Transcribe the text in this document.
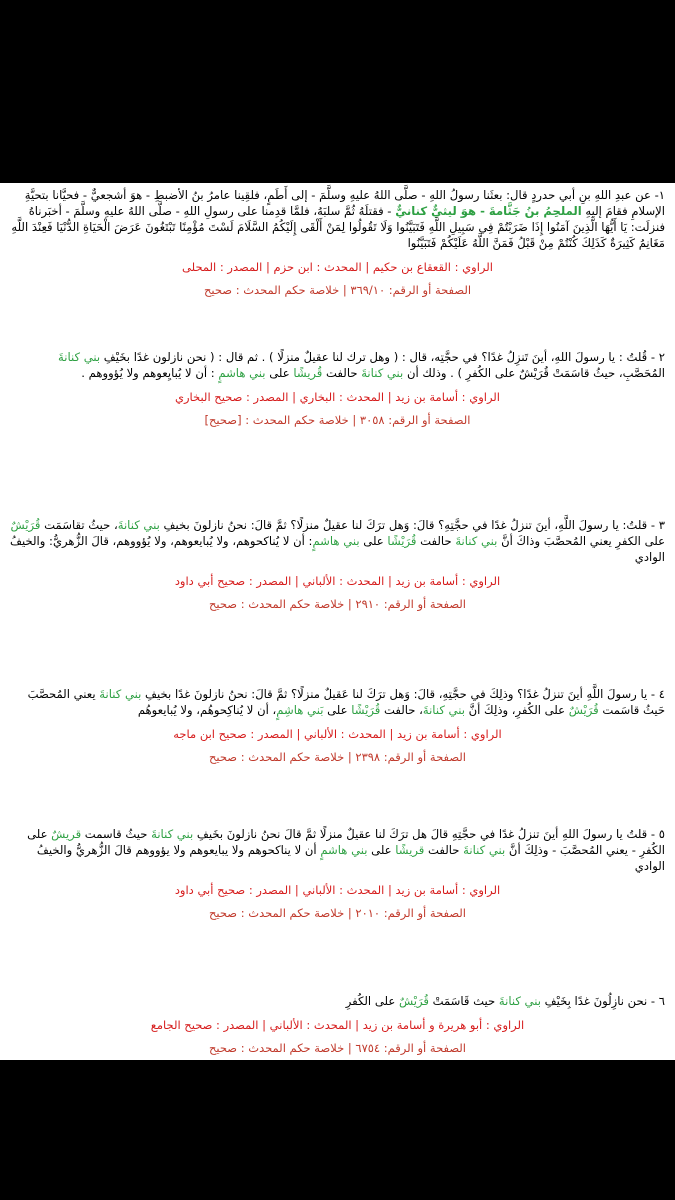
١- عن عبدِ اللهِ بنِ أبي حدردٍ قال: بعثَنا رسولُ اللهِ - صلَّى اللهُ عليهِ وسلَّمَ - إلى أَطَمٍ، فلقِينا عامرُ بنُ الأضبطِ - هوَ أشجعيٌّ - فحيَّانا بتحيَّةِ الإسلامِ فقامَ إليهِ الملحِمُ بنُ جَثَّامةَ - هوَ ليثيٌّ كنانيٌّ - فقتلَهُ ثُمَّ سلبَهُ، فلمَّا قدِمنا على رسولِ اللهِ - صلَّى اللهُ عليهِ وسلَّمَ - أخبَرناهُ فنزلَت: يَا أَيُّهَا الَّذِينَ آمَنُوا إِذَا ضَرَبْتُمْ فِي سَبِيلِ اللَّهِ فَتَبَيَّنُوا وَلَا تَقُولُوا لِمَنْ أَلْقَى إِلَيْكُمُ السَّلَامَ لَسْتَ مُؤْمِنًا تَبْتَغُونَ عَرَضَ الْحَيَاةِ الدُّنْيَا فَعِنْدَ اللَّهِ مَغَانِمُ كَثِيرَةٌ كَذَلِكَ كُنْتُمْ مِنْ قَبْلُ فَمَنَّ اللَّهُ عَلَيْكُمْ فَتَبَيَّنُوا
الراوي : القعقاع بن حكيم | المحدث : ابن حزم | المصدر : المحلى
الصفحة أو الرقم: ٣٦٩/١٠ | خلاصة حكم المحدث : صحيح
٢ - قُلتُ : يا رسولَ اللهِ، أينَ تَنزِلُ غدًا؟ في حجَّتِه، قال : ( وهل ترك لنا عقيلٌ منزلًا ) . ثم قال : ( نحن نازلون غدًا بخَيْفِ بني كنانةَ المُحَصَّبِ، حيثُ قاسَمَتْ قُرَيْشٌ على الكُفرِ ) . وذلك أن بني كنانةَ حالفت قُريشًا على بني هاشمٍ : أن لا يُبايِعوهم ولا يُؤووهم .
الراوي : أسامة بن زيد | المحدث : البخاري | المصدر : صحيح البخاري
الصفحة أو الرقم: ٣٠٥٨ | خلاصة حكم المحدث : [صحيح]
٣ - قلتُ: يا رسولَ اللَّهِ، أينَ تنزلُ غدًا في حجَّتِهِ؟ قالَ: وَهل ترَكَ لنا عقيلٌ منزلًا؟ ثمَّ قالَ: نحنُ نازلونَ بخيفِ بني كنانةَ، حيثُ تقاسَمَت قُرَيْشٌ على الكفرِ يعني المُحصَّبَ وذاكَ أنَّ بني كنانةَ حالفت قُرَيْشًا على بني هاشمٍ: أن لا يُناكحوهم، ولا يُبايعوهم، ولا يُؤووهم، قالَ الزُّهريُّ: والخيفُ الوادي
الراوي : أسامة بن زيد | المحدث : الألباني | المصدر : صحيح أبي داود
الصفحة أو الرقم: ٢٩١٠ | خلاصة حكم المحدث : صحيح
٤ - يا رسولَ اللَّهِ أينَ تنزلُ غدًا؟ وذلِكَ في حجَّتِهِ، قالَ: وَهل ترَكَ لنا عَقيلٌ منزلًا؟ ثمَّ قالَ: نحنُ نازلونَ غدًا بخيفِ بني كنانةَ يعني المُحصَّبَ حَيثُ قاسَمت قُرَيْشٌ على الكُفرِ، وذلِكَ أنَّ بني كنانةَ، حالفت قُرَيْشًا على بَني هاشِمٍ، أن لا يُناكِحوهُم، ولا يُبايعوهُم
الراوي : أسامة بن زيد | المحدث : الألباني | المصدر : صحيح ابن ماجه
الصفحة أو الرقم: ٢٣٩٨ | خلاصة حكم المحدث : صحيح
٥ - قلتُ يا رسولَ اللهِ أينَ تنزلُ غدًا في حجَّتِهِ قالَ هل ترَكَ لنا عقيلٌ منزلًا ثمَّ قالَ نحنُ نازلونَ بخَيفِ بني كنانةَ حيثُ قاسمت قريشٌ على الكُفرِ - يعني المُحصَّبَ - وذلِكَ أنَّ بني كنانةَ حالفت قريشًا على بني هاشمٍ أن لا يناكحوهم ولا يبايعوهم ولا يؤووهم قالَ الزُّهريُّ والخيفُ الوادي
الراوي : أسامة بن زيد | المحدث : الألباني | المصدر : صحيح أبي داود
الصفحة أو الرقم: ٢٠١٠ | خلاصة حكم المحدث : صحيح
٦ - نحن نازِلُونَ غدًا بِخَيْفِ بني كنانةَ حيث قَاسَمَتْ قُرَيْشٌ على الكُفرِ
الراوي : أبو هريرة و أسامة بن زيد | المحدث : الألباني | المصدر : صحيح الجامع
الصفحة أو الرقم: ٦٧٥٤ | خلاصة حكم المحدث : صحيح
